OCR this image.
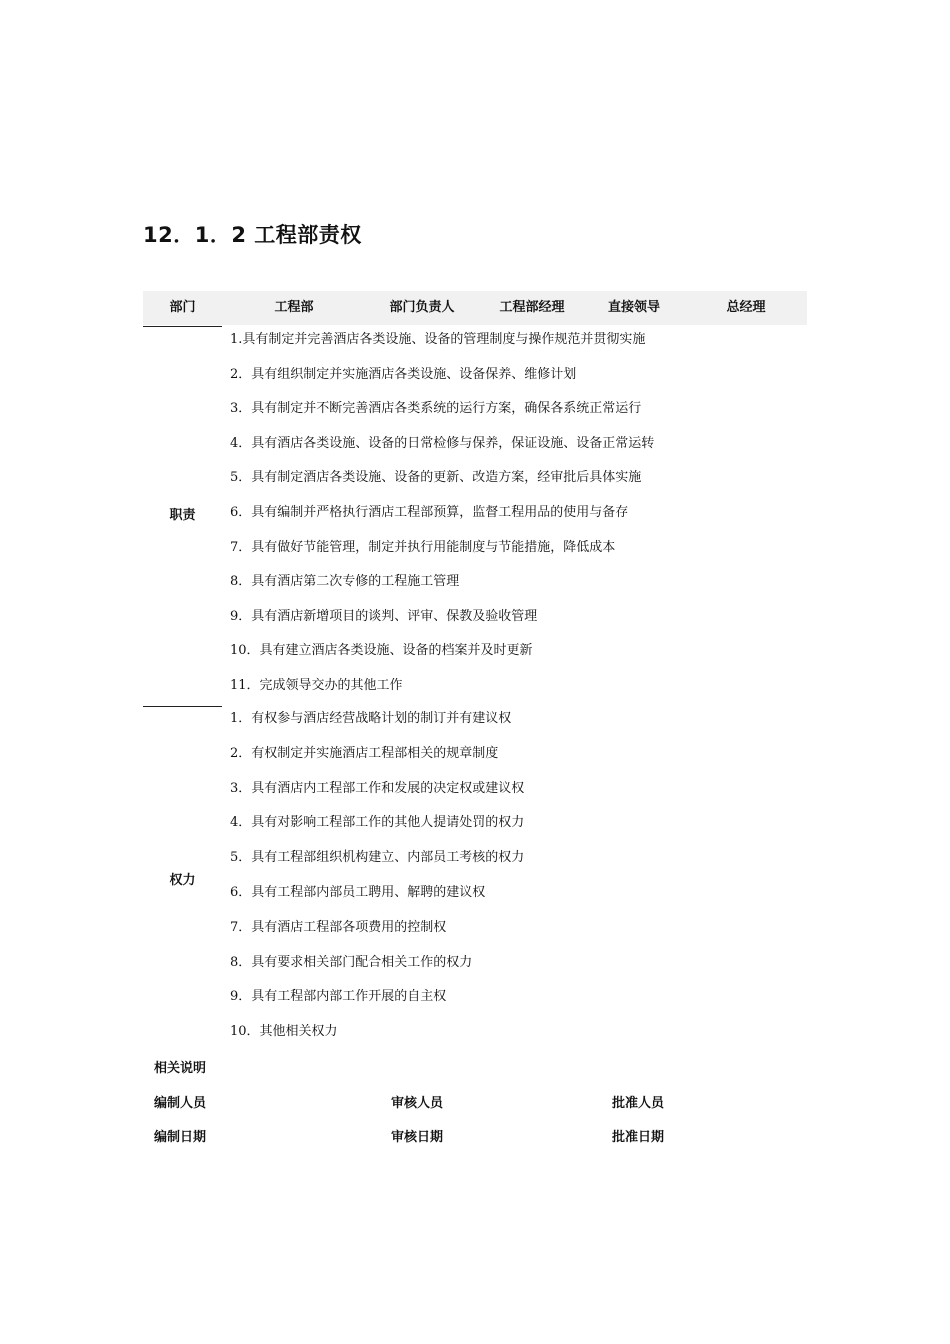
12．1．2 工程部责权
部门	工程部	部门负责人	工程部经理	直接领导	总经理
职责
1.具有制定并完善酒店各类设施、设备的管理制度与操作规范并贯彻实施
2．具有组织制定并实施酒店各类设施、设备保养、维修计划
3．具有制定并不断完善酒店各类系统的运行方案，确保各系统正常运行
4．具有酒店各类设施、设备的日常检修与保养，保证设施、设备正常运转
5．具有制定酒店各类设施、设备的更新、改造方案，经审批后具体实施
6．具有编制并严格执行酒店工程部预算，监督工程用品的使用与备存
7．具有做好节能管理，制定并执行用能制度与节能措施，降低成本
8．具有酒店第二次专修的工程施工管理
9．具有酒店新增项目的谈判、评审、保教及验收管理
10．具有建立酒店各类设施、设备的档案并及时更新
11．完成领导交办的其他工作
权力
1．有权参与酒店经营战略计划的制订并有建议权
2．有权制定并实施酒店工程部相关的规章制度
3．具有酒店内工程部工作和发展的决定权或建议权
4．具有对影响工程部工作的其他人提请处罚的权力
5．具有工程部组织机构建立、内部员工考核的权力
6．具有工程部内部员工聘用、解聘的建议权
7．具有酒店工程部各项费用的控制权
8．具有要求相关部门配合相关工作的权力
9．具有工程部内部工作开展的自主权
10．其他相关权力
相关说明
编制人员	审核人员	批准人员
编制日期	审核日期	批准日期
